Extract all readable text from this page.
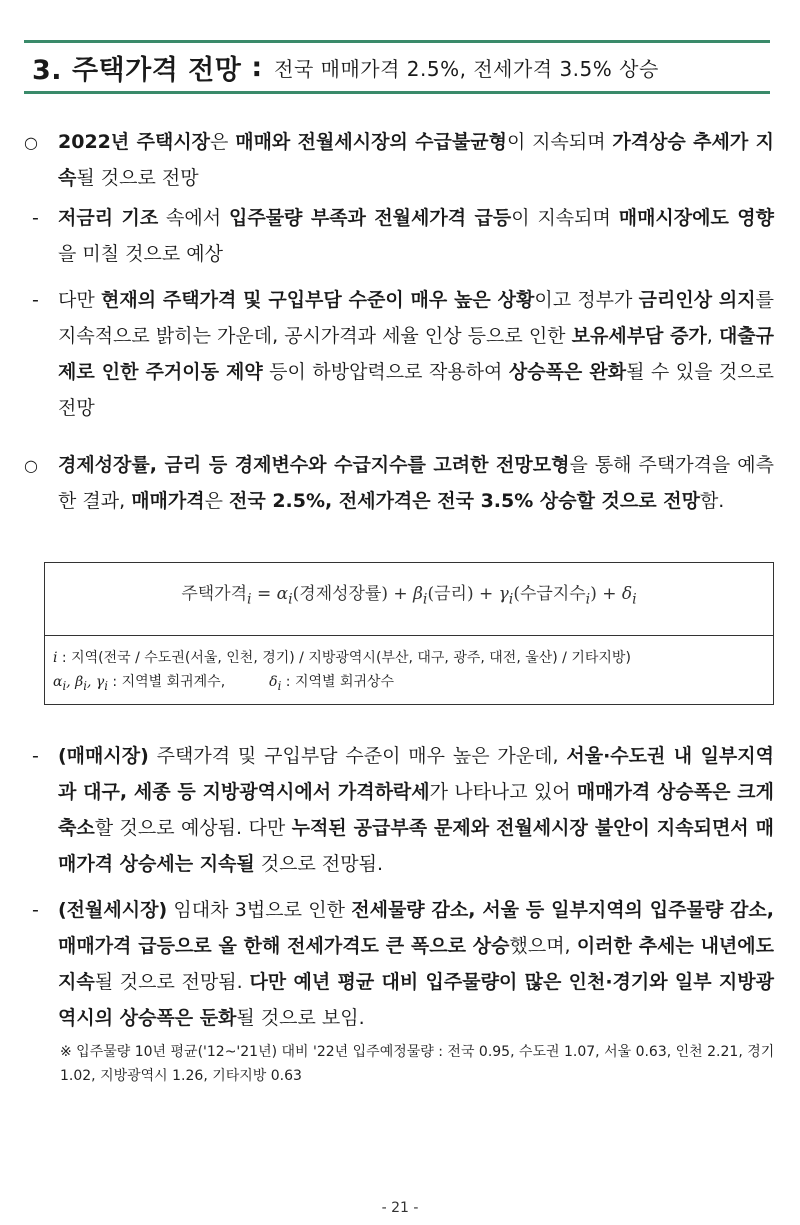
3. 주택가격 전망 : 전국 매매가격 2.5%, 전세가격 3.5% 상승
○ 2022년 주택시장은 매매와 전월세시장의 수급불균형이 지속되며 가격상승 추세가 지속될 것으로 전망
- 저금리 기조 속에서 입주물량 부족과 전월세가격 급등이 지속되며 매매시장에도 영향을 미칠 것으로 예상
- 다만 현재의 주택가격 및 구입부담 수준이 매우 높은 상황이고 정부가 금리인상 의지를 지속적으로 밝히는 가운데, 공시가격과 세율 인상 등으로 인한 보유세부담 증가, 대출규제로 인한 주거이동 제약 등이 하방압력으로 작용하여 상승폭은 완화될 수 있을 것으로 전망
○ 경제성장률, 금리 등 경제변수와 수급지수를 고려한 전망모형을 통해 주택가격을 예측한 결과, 매매가격은 전국 2.5%, 전세가격은 전국 3.5% 상승할 것으로 전망함.
주택가격$_i = \alpha_i$(경제성장률) + $\beta_i$(금리) + $\gamma_i$(수급지수$_i) + \delta_i$
i : 지역(전국 / 수도권(서울, 인천, 경기) / 지방광역시(부산, 대구, 광주, 대전, 울산) / 기타지방)
$\alpha_i$, $\beta_i$, $\gamma_i$ : 지역별 회귀계수,	$\delta_i$ : 지역별 회귀상수
- (매매시장) 주택가격 및 구입부담 수준이 매우 높은 가운데, 서울·수도권 내 일부지역과 대구, 세종 등 지방광역시에서 가격하락세가 나타나고 있어 매매가격 상승폭은 크게 축소할 것으로 예상됨. 다만 누적된 공급부족 문제와 전월세시장 불안이 지속되면서 매매가격 상승세는 지속될 것으로 전망됨.
- (전월세시장) 임대차 3법으로 인한 전세물량 감소, 서울 등 일부지역의 입주물량 감소, 매매가격 급등으로 올 한해 전세가격도 큰 폭으로 상승했으며, 이러한 추세는 내년에도 지속될 것으로 전망됨. 다만 예년 평균 대비 입주물량이 많은 인천·경기와 일부 지방광역시의 상승폭은 둔화될 것으로 보임.
※ 입주물량 10년 평균('12~'21년) 대비 '22년 입주예정물량 : 전국 0.95, 수도권 1.07, 서울 0.63, 인천 2.21, 경기 1.02, 지방광역시 1.26, 기타지방 0.63
- 21 -
